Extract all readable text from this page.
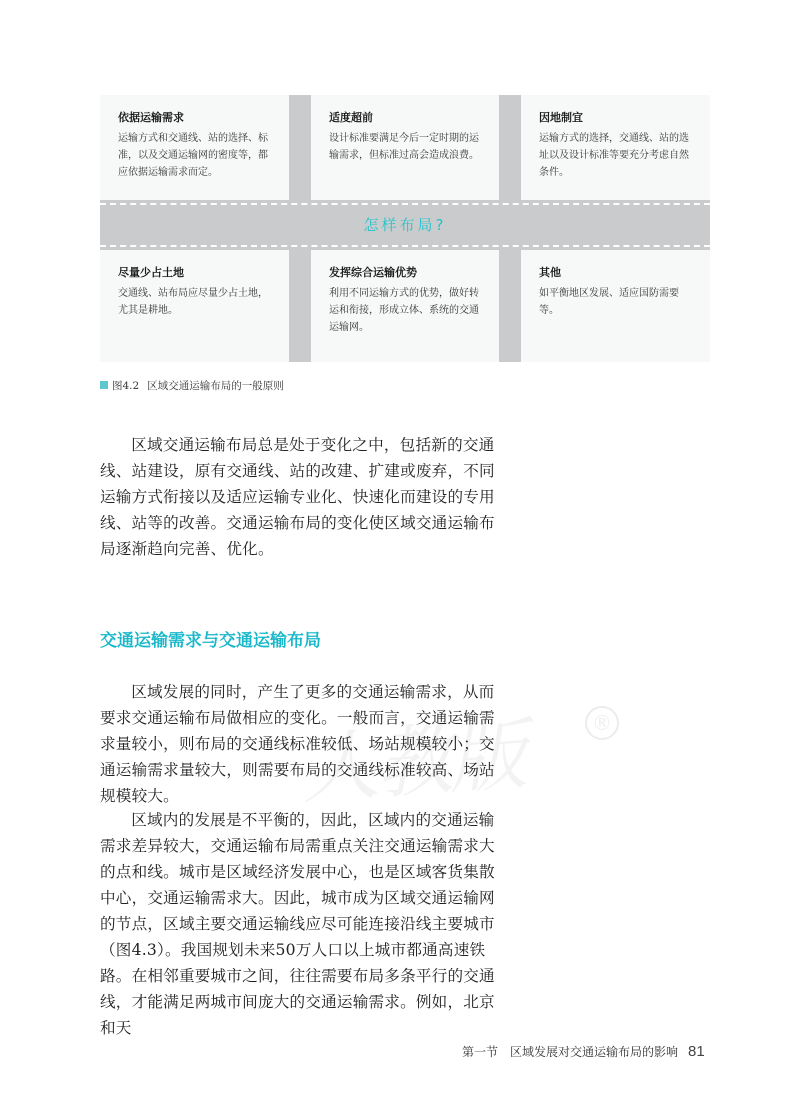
怎样布局?
依据运输需求
运输方式和交通线、站的选择、标准，以及交通运输网的密度等，都应依据运输需求而定。
适度超前
设计标准要满足今后一定时期的运输需求，但标准过高会造成浪费。
因地制宜
运输方式的选择，交通线、站的选址以及设计标准等要充分考虑自然条件。
尽量少占土地
交通线、站布局应尽量少占土地，尤其是耕地。
发挥综合运输优势
利用不同运输方式的优势，做好转运和衔接，形成立体、系统的交通运输网。
其他
如平衡地区发展、适应国防需要等。
图4.2 区域交通运输布局的一般原则

区域交通运输布局总是处于变化之中，包括新的交通线、站建设，原有交通线、站的改建、扩建或废弃，不同运输方式衔接以及适应运输专业化、快速化而建设的专用线、站等的改善。交通运输布局的变化使区域交通运输布局逐渐趋向完善、优化。

交通运输需求与交通运输布局
®

区域发展的同时，产生了更多的交通运输需求，从而要求交通运输布局做相应的变化。一般而言，交通运输需求量较小，则布局的交通线标准较低、场站规模较小；交通运输需求量较大，则需要布局的交通线标准较高、场站规模较大。

区域内的发展是不平衡的，因此，区域内的交通运输需求差异较大，交通运输布局需重点关注交通运输需求大的点和线。城市是区域经济发展中心，也是区域客货集散中心，交通运输需求大。因此，城市成为区域交通运输网的节点，区域主要交通运输线应尽可能连接沿线主要城市（图4.3）。我国规划未来50万人口以上城市都通高速铁路。在相邻重要城市之间，往往需要布局多条平行的交通线，才能满足两城市间庞大的交通运输需求。例如，北京和天

第一节　区域发展对交通运输布局的影响 81
